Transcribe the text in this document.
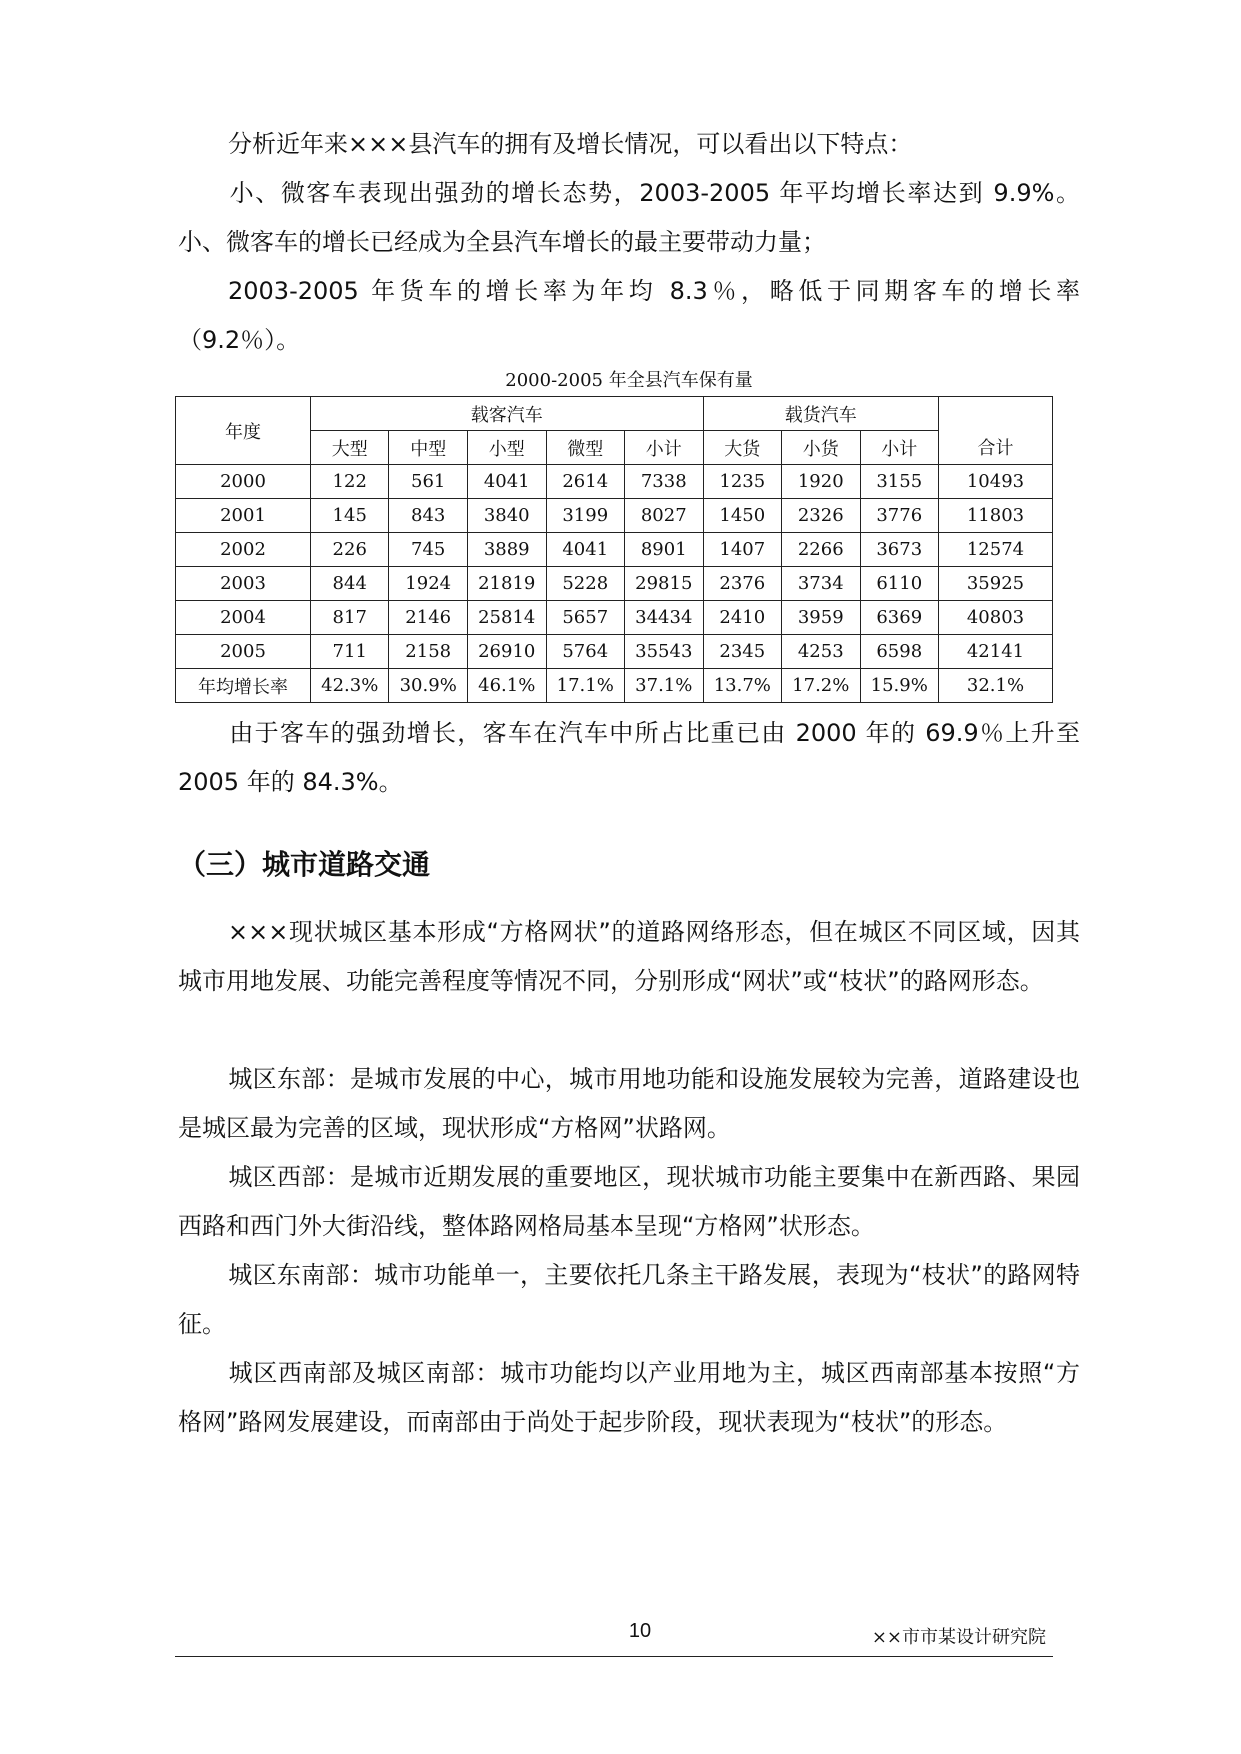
分析近年来×××县汽车的拥有及增长情况，可以看出以下特点：

小、微客车表现出强劲的增长态势，2003-2005 年平均增长率达到 9.9%。小、微客车的增长已经成为全县汽车增长的最主要带动力量；

2003-2005 年货车的增长率为年均 8.3％，略低于同期客车的增长率（9.2％）。

2000-2005 年全县汽车保有量
年度	载客汽车					载货汽车			合计
	大型	中型	小型	微型	小计	大货	小货	小计	
2000	122	561	4041	2614	7338	1235	1920	3155	10493
2001	145	843	3840	3199	8027	1450	2326	3776	11803
2002	226	745	3889	4041	8901	1407	2266	3673	12574
2003	844	1924	21819	5228	29815	2376	3734	6110	35925
2004	817	2146	25814	5657	34434	2410	3959	6369	40803
2005	711	2158	26910	5764	35543	2345	4253	6598	42141
年均增长率	42.3%	30.9%	46.1%	17.1%	37.1%	13.7%	17.2%	15.9%	32.1%

由于客车的强劲增长，客车在汽车中所占比重已由 2000 年的 69.9％上升至 2005 年的 84.3%。

（三）城市道路交通

×××现状城区基本形成“方格网状”的道路网络形态，但在城区不同区域，因其城市用地发展、功能完善程度等情况不同，分别形成“网状”或“枝状”的路网形态。

城区东部：是城市发展的中心，城市用地功能和设施发展较为完善，道路建设也是城区最为完善的区域，现状形成“方格网”状路网。

城区西部：是城市近期发展的重要地区，现状城市功能主要集中在新西路、果园西路和西门外大街沿线，整体路网格局基本呈现“方格网”状形态。

城区东南部：城市功能单一，主要依托几条主干路发展，表现为“枝状”的路网特征。

城区西南部及城区南部：城市功能均以产业用地为主，城区西南部基本按照“方格网”路网发展建设，而南部由于尚处于起步阶段，现状表现为“枝状”的形态。

10	××市市某设计研究院
